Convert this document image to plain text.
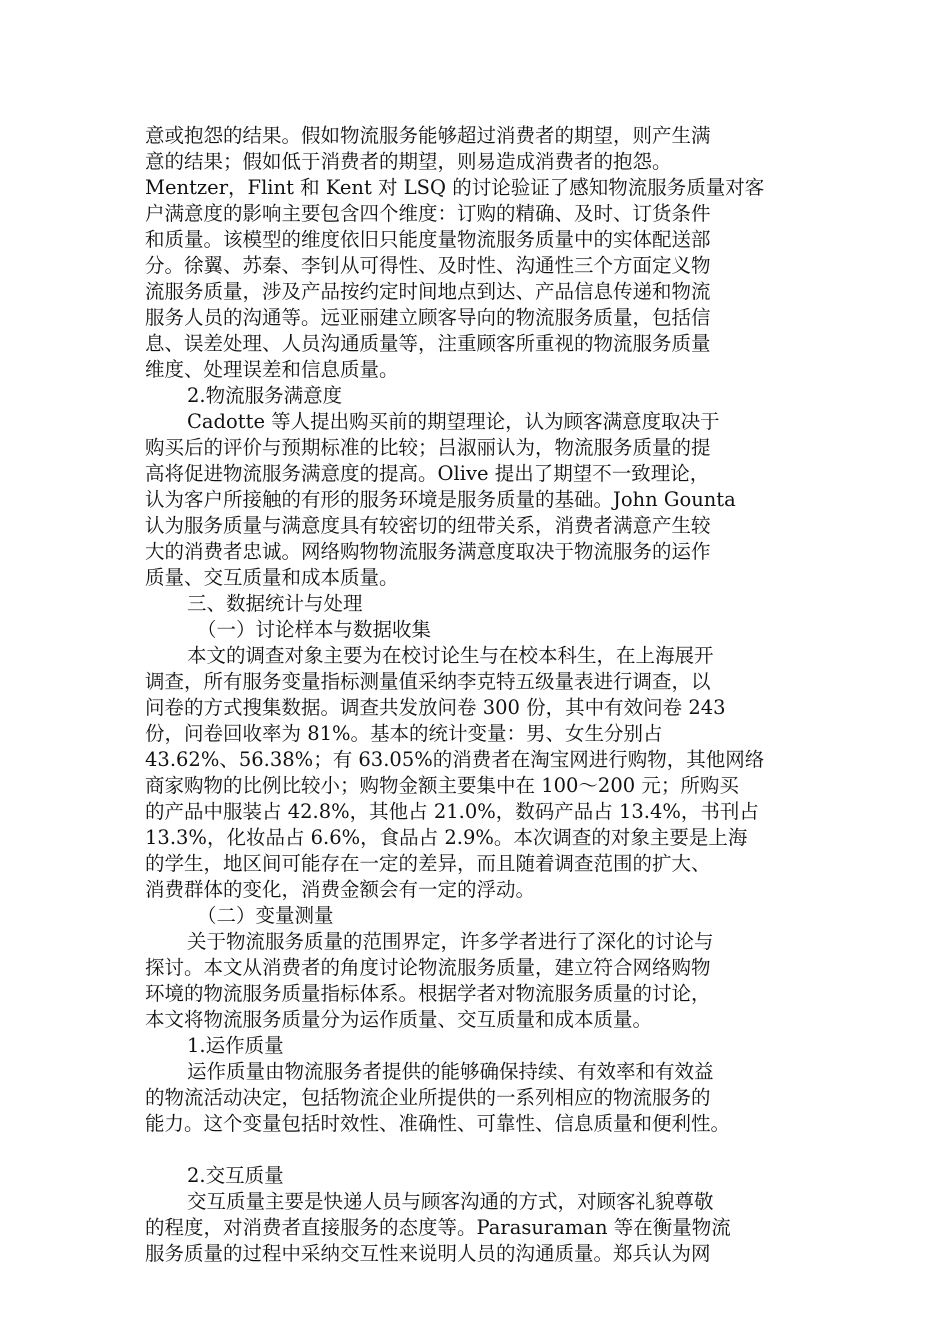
意或抱怨的结果。假如物流服务能够超过消费者的期望，则产生满
意的结果；假如低于消费者的期望，则易造成消费者的抱怨。
Mentzer，Flint 和 Kent 对 LSQ 的讨论验证了感知物流服务质量对客
户满意度的影响主要包含四个维度：订购的精确、及时、订货条件
和质量。该模型的维度依旧只能度量物流服务质量中的实体配送部
分。徐翼、苏秦、李钊从可得性、及时性、沟通性三个方面定义物
流服务质量，涉及产品按约定时间地点到达、产品信息传递和物流
服务人员的沟通等。远亚丽建立顾客导向的物流服务质量，包括信
息、误差处理、人员沟通质量等，注重顾客所重视的物流服务质量
维度、处理误差和信息质量。
2.物流服务满意度
Cadotte 等人提出购买前的期望理论，认为顾客满意度取决于
购买后的评价与预期标准的比较；吕淑丽认为，物流服务质量的提
高将促进物流服务满意度的提高。Olive 提出了期望不一致理论，
认为客户所接触的有形的服务环境是服务质量的基础。John Gounta
认为服务质量与满意度具有较密切的纽带关系，消费者满意产生较
大的消费者忠诚。网络购物物流服务满意度取决于物流服务的运作
质量、交互质量和成本质量。
三、数据统计与处理
（一）讨论样本与数据收集
本文的调查对象主要为在校讨论生与在校本科生，在上海展开
调查，所有服务变量指标测量值采纳李克特五级量表进行调查，以
问卷的方式搜集数据。调查共发放问卷 300 份，其中有效问卷 243
份，问卷回收率为 81%。基本的统计变量：男、女生分别占
43.62%、56.38%；有 63.05%的消费者在淘宝网进行购物，其他网络
商家购物的比例比较小；购物金额主要集中在 100～200 元；所购买
的产品中服装占 42.8%，其他占 21.0%，数码产品占 13.4%，书刊占
13.3%，化妆品占 6.6%，食品占 2.9%。本次调查的对象主要是上海
的学生，地区间可能存在一定的差异，而且随着调查范围的扩大、
消费群体的变化，消费金额会有一定的浮动。
（二）变量测量
关于物流服务质量的范围界定，许多学者进行了深化的讨论与
探讨。本文从消费者的角度讨论物流服务质量，建立符合网络购物
环境的物流服务质量指标体系。根据学者对物流服务质量的讨论，
本文将物流服务质量分为运作质量、交互质量和成本质量。
1.运作质量
运作质量由物流服务者提供的能够确保持续、有效率和有效益
的物流活动决定，包括物流企业所提供的一系列相应的物流服务的
能力。这个变量包括时效性、准确性、可靠性、信息质量和便利性。
2.交互质量
交互质量主要是快递人员与顾客沟通的方式，对顾客礼貌尊敬
的程度，对消费者直接服务的态度等。Parasuraman 等在衡量物流
服务质量的过程中采纳交互性来说明人员的沟通质量。郑兵认为网
